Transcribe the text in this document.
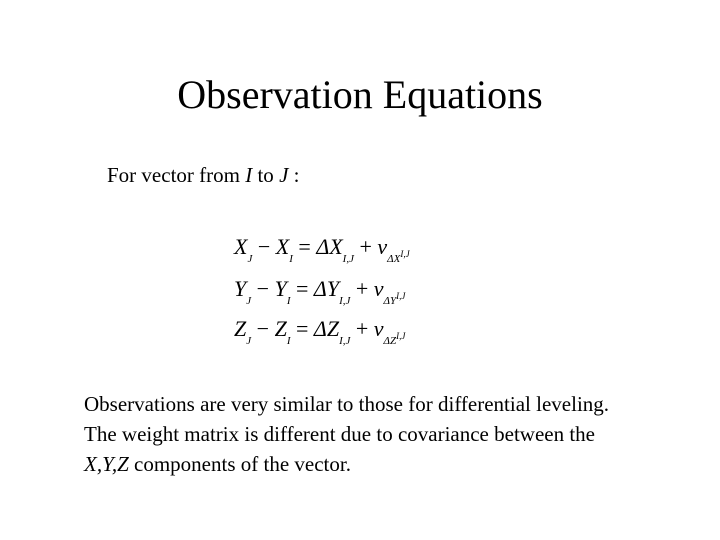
Observation Equations
For vector from I to J :
$X_J - X_I = \Delta X_{I,J} + v_{\Delta X}I,J$
$Y_J - Y_I = \Delta Y_{I,J} + v_{\Delta Y}I,J$
$Z_J - Z_I = \Delta Z_{I,J} + v_{\Delta Z}I,J$
Observations are very similar to those for differential leveling. The weight matrix is different due to covariance between the X,Y,Z components of the vector.
